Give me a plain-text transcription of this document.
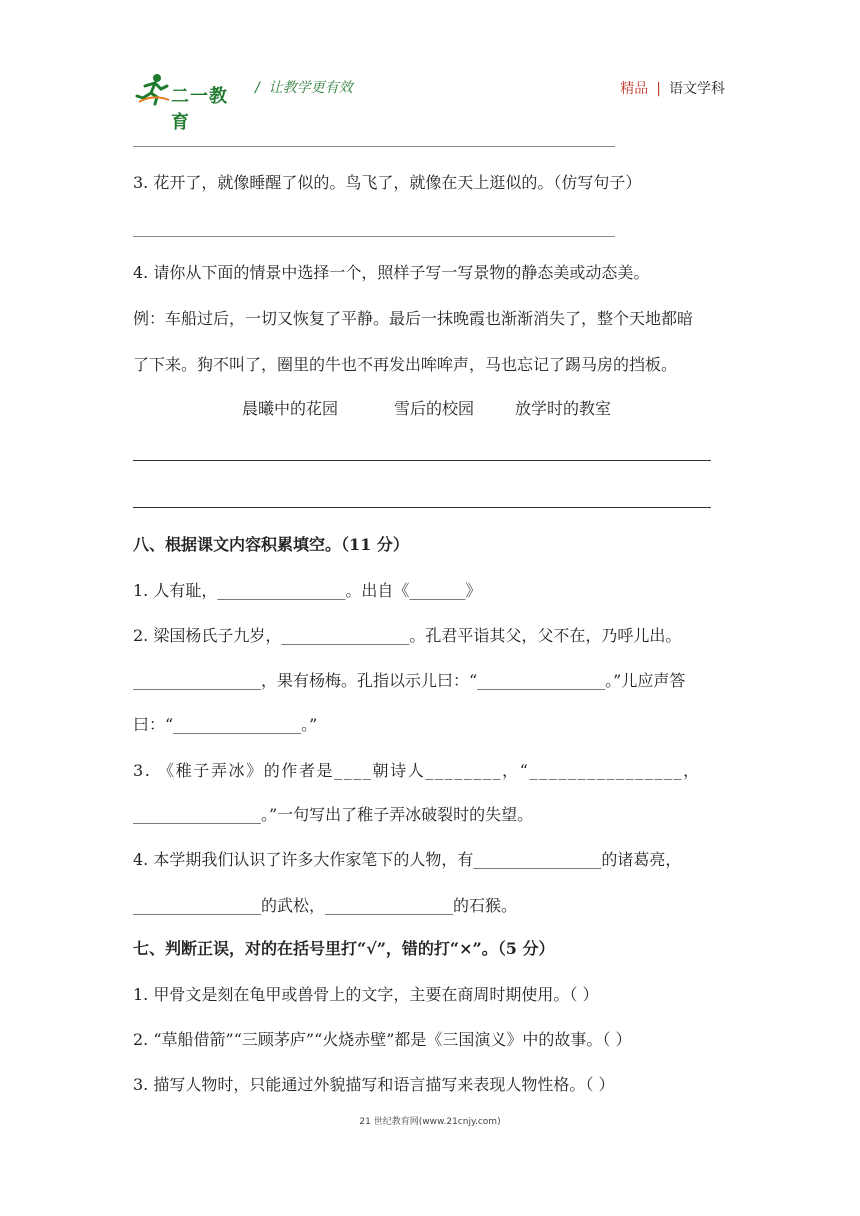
二一教育
/ 让教学更有效	精品 | 语文学科
3. 花开了，就像睡醒了似的。鸟飞了，就像在天上逛似的。（仿写句子）
4. 请你从下面的情景中选择一个，照样子写一写景物的静态美或动态美。
例：车船过后，一切又恢复了平静。最后一抹晚霞也渐渐消失了，整个天地都暗
了下来。狗不叫了，圈里的牛也不再发出哞哞声，马也忘记了踢马房的挡板。
晨曦中的花园	雪后的校园	放学时的教室
八、根据课文内容积累填空。（11 分）
1. 人有耻，________________。出自《_______》
2. 梁国杨氏子九岁，________________。孔君平诣其父，父不在，乃呼儿出。
________________，果有杨梅。孔指以示儿曰：“________________。”儿应声答
曰：“________________。”
3. 《稚子弄冰》的作者是____朝诗人________，“________________，
________________。”一句写出了稚子弄冰破裂时的失望。
4. 本学期我们认识了许多大作家笔下的人物，有________________的诸葛亮，
________________的武松，________________的石猴。
七、判断正误，对的在括号里打“√”，错的打“×”。（5 分）
1. 甲骨文是刻在龟甲或兽骨上的文字，主要在商周时期使用。（ ）
2. “草船借箭”“三顾茅庐”“火烧赤壁”都是《三国演义》中的故事。（ ）
3. 描写人物时，只能通过外貌描写和语言描写来表现人物性格。（ ）
21 世纪教育网(www.21cnjy.com)
